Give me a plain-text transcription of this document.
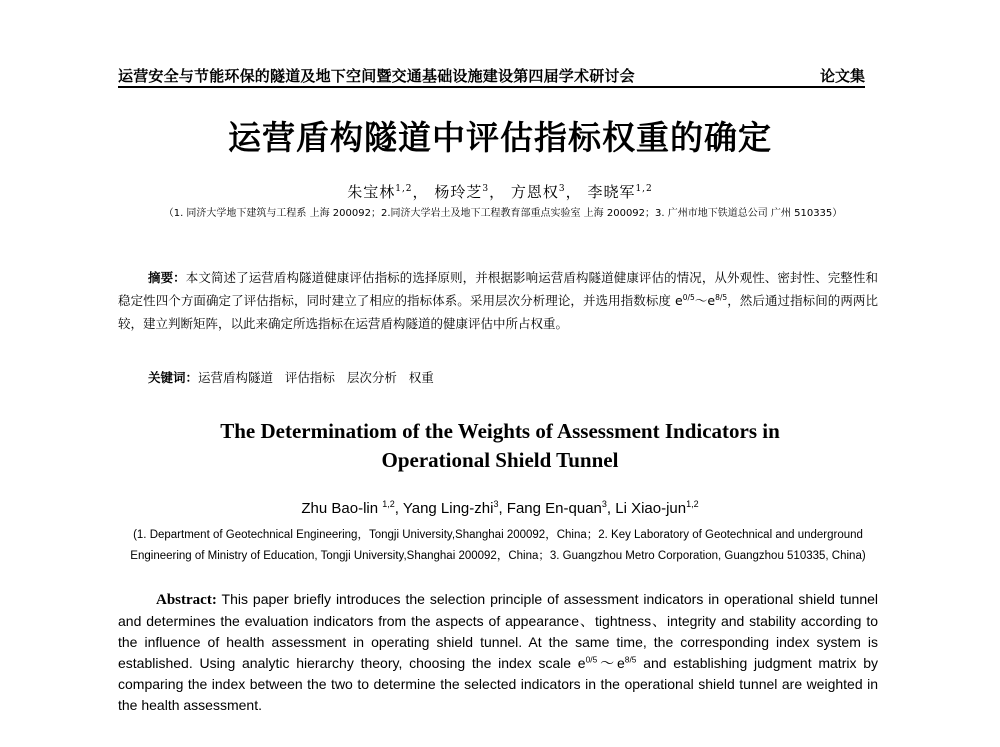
运营安全与节能环保的隧道及地下空间暨交通基础设施建设第四届学术研讨会	论文集
运营盾构隧道中评估指标权重的确定
朱宝林$^{1,2}$， 杨玲芝$^3$， 方恩权$^3$， 李晓军$^{1,2}$
（1. 同济大学地下建筑与工程系 上海 200092；2.同济大学岩土及地下工程教育部重点实验室 上海 200092；3. 广州市地下铁道总公司 广州 510335）
摘要：本文简述了运营盾构隧道健康评估指标的选择原则，并根据影响运营盾构隧道健康评估的情况，从外观性、密封性、完整性和稳定性四个方面确定了评估指标，同时建立了相应的指标体系。采用层次分析理论，并选用指数标度 $e^{0/5}\sim e^{8/5}$，然后通过指标间的两两比较，建立判断矩阵，以此来确定所选指标在运营盾构隧道的健康评估中所占权重。
关键词：运营盾构隧道   评估指标   层次分析   权重
The Determinatiom of the Weights of Assessment Indicators in
Operational Shield Tunnel
Zhu Bao-lin $^{1,2}$, Yang Ling-zhi$^3$, Fang En-quan$^3$, Li Xiao-jun$^{1,2}$
(1. Department of Geotechnical Engineering，Tongji University,Shanghai 200092，China；2. Key Laboratory of Geotechnical and underground Engineering of Ministry of Education, Tongji University,Shanghai 200092，China；3. Guangzhou Metro Corporation, Guangzhou 510335, China)
Abstract: This paper briefly introduces the selection principle of assessment indicators in operational shield tunnel and determines the evaluation indicators from the aspects of appearance、tightness、integrity and stability according to the influence of health assessment in operating shield tunnel. At the same time, the corresponding index system is established. Using analytic hierarchy theory, choosing the index scale $e^{0/5}\sim e^{8/5}$ and establishing judgment matrix by comparing the index between the two to determine the selected indicators in the operational shield tunnel are weighted in the health assessment.
